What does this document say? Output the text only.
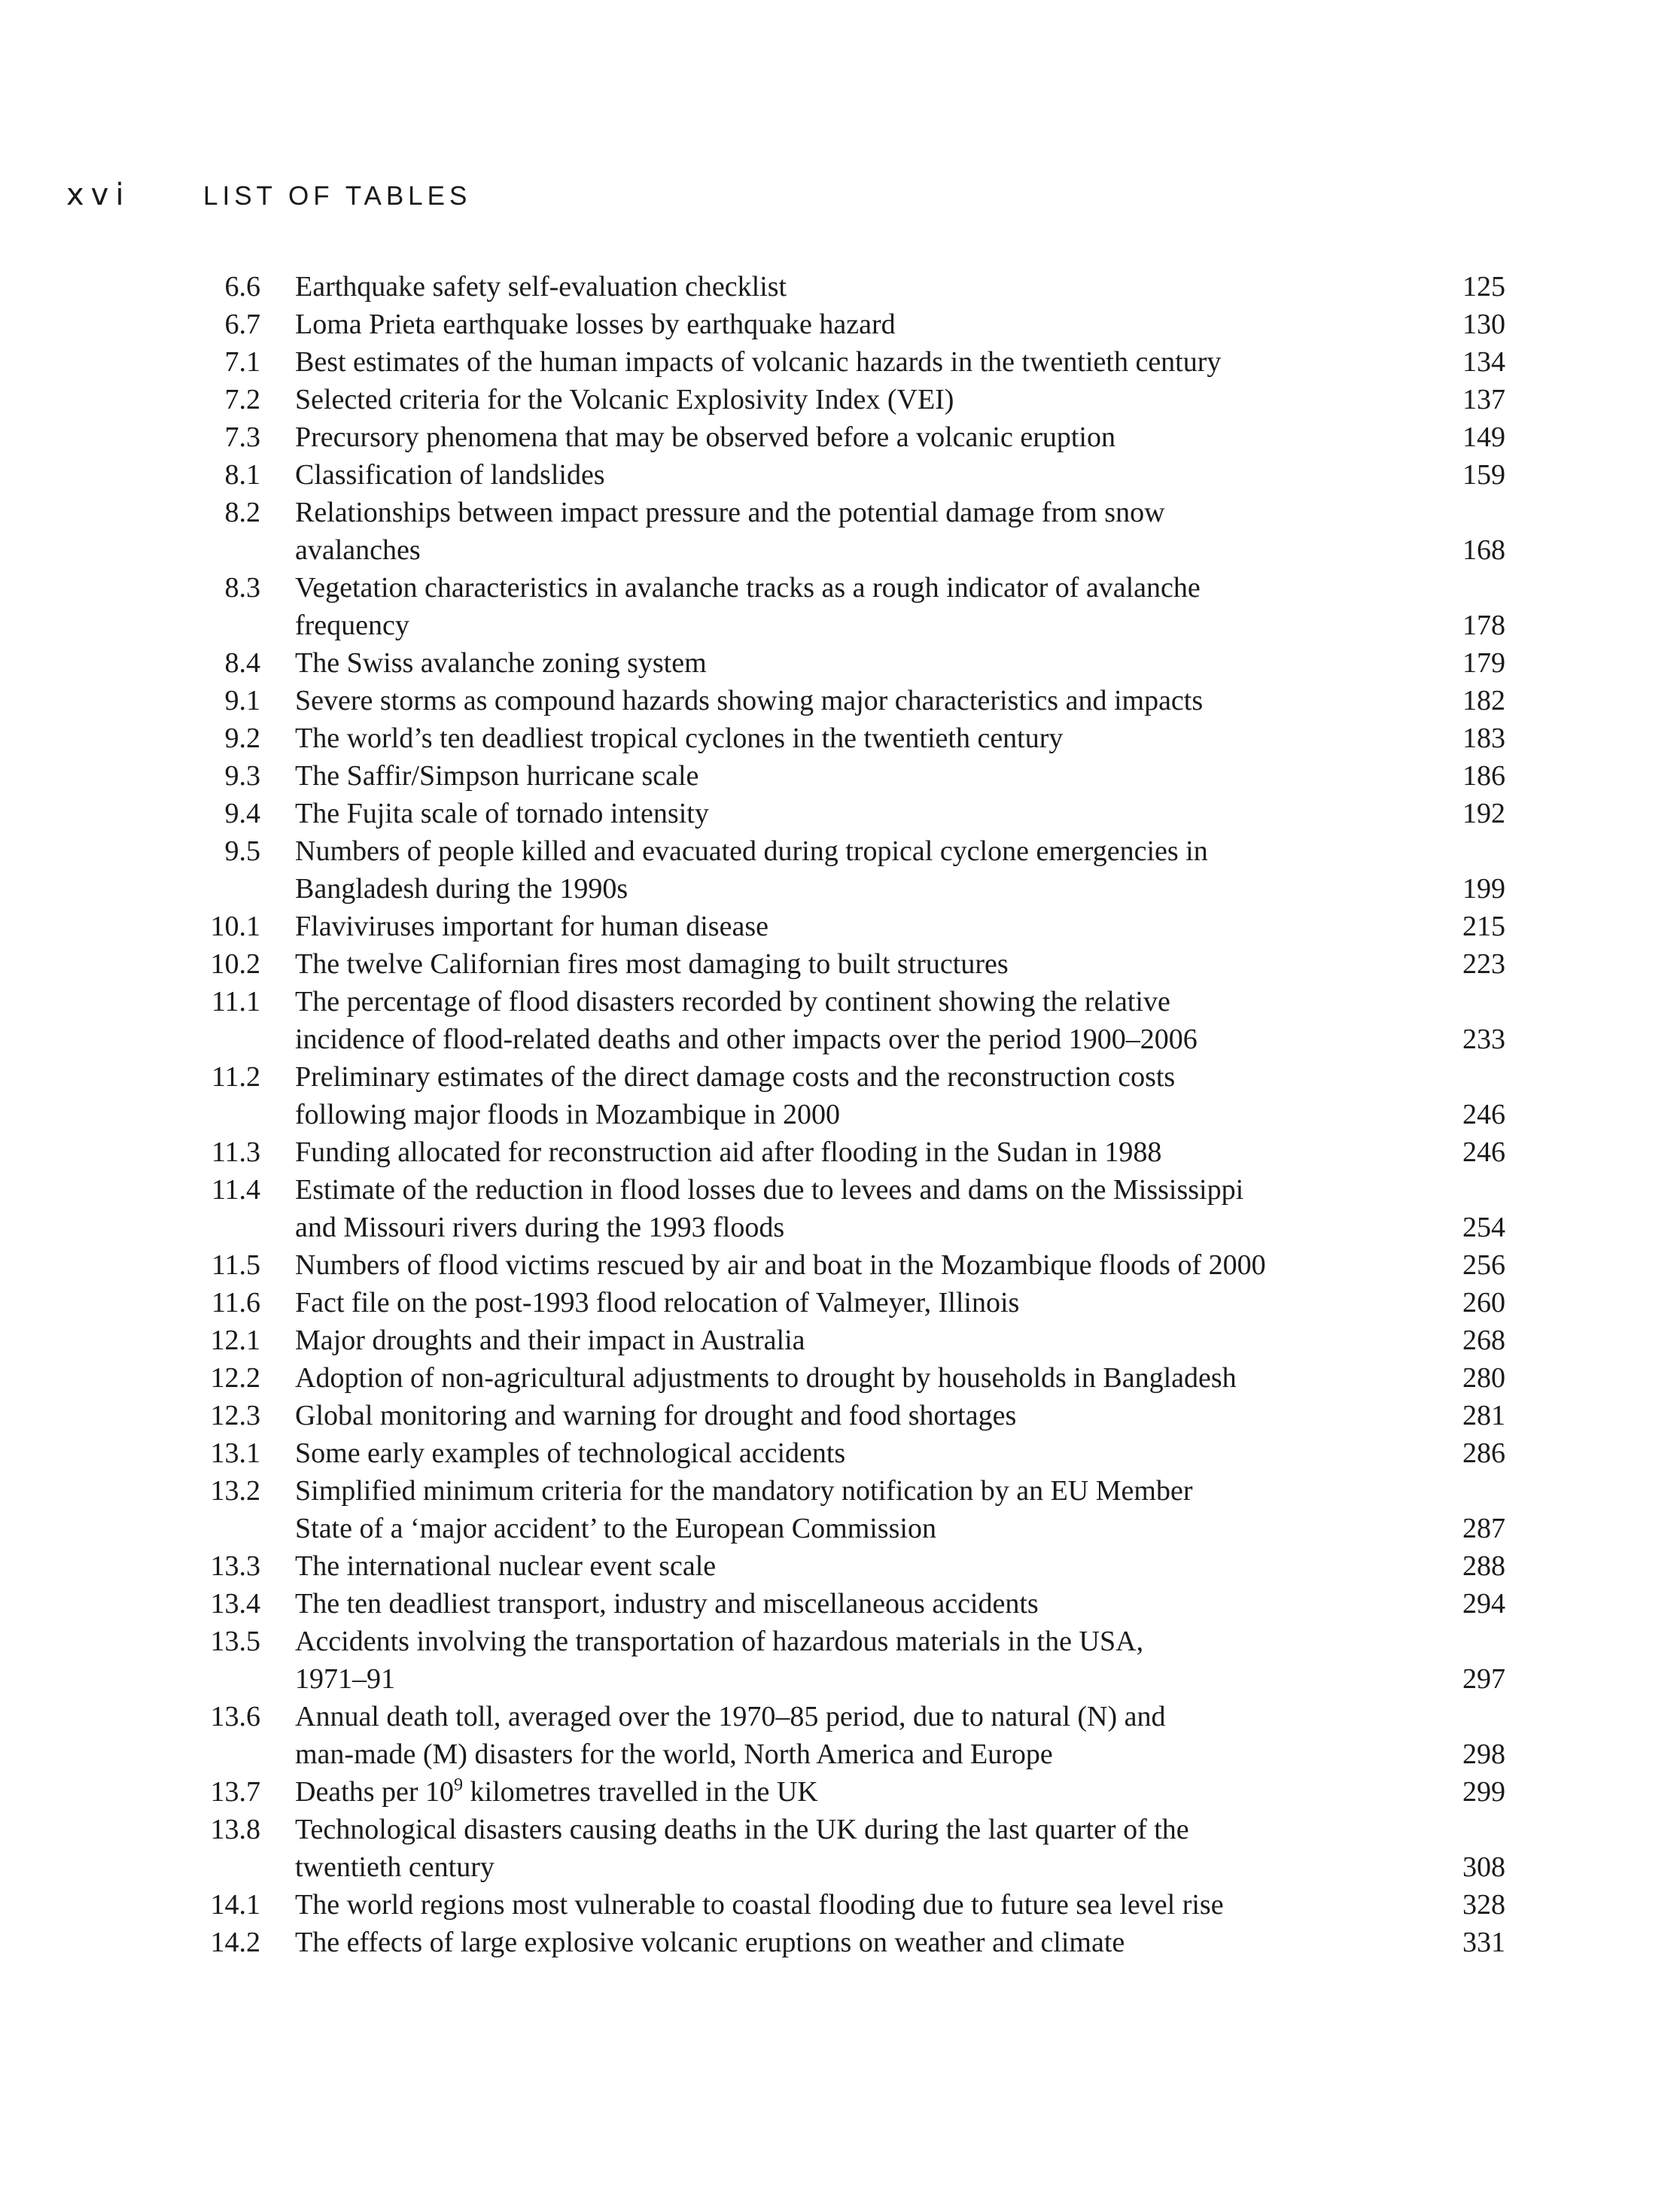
xvi	LIST OF TABLES
6.6 Earthquake safety self-evaluation checklist	125
6.7 Loma Prieta earthquake losses by earthquake hazard	130
7.1 Best estimates of the human impacts of volcanic hazards in the twentieth century	134
7.2 Selected criteria for the Volcanic Explosivity Index (VEI)	137
7.3 Precursory phenomena that may be observed before a volcanic eruption	149
8.1 Classification of landslides	159
8.2 Relationships between impact pressure and the potential damage from snow
avalanches	168
8.3 Vegetation characteristics in avalanche tracks as a rough indicator of avalanche
frequency	178
8.4 The Swiss avalanche zoning system	179
9.1 Severe storms as compound hazards showing major characteristics and impacts	182
9.2 The world’s ten deadliest tropical cyclones in the twentieth century	183
9.3 The Saffir/Simpson hurricane scale	186
9.4 The Fujita scale of tornado intensity	192
9.5 Numbers of people killed and evacuated during tropical cyclone emergencies in
Bangladesh during the 1990s	199
10.1 Flaviviruses important for human disease	215
10.2 The twelve Californian fires most damaging to built structures	223
11.1 The percentage of flood disasters recorded by continent showing the relative
incidence of flood-related deaths and other impacts over the period 1900–2006	233
11.2 Preliminary estimates of the direct damage costs and the reconstruction costs
following major floods in Mozambique in 2000	246
11.3 Funding allocated for reconstruction aid after flooding in the Sudan in 1988	246
11.4 Estimate of the reduction in flood losses due to levees and dams on the Mississippi
and Missouri rivers during the 1993 floods	254
11.5 Numbers of flood victims rescued by air and boat in the Mozambique floods of 2000	256
11.6 Fact file on the post-1993 flood relocation of Valmeyer, Illinois	260
12.1 Major droughts and their impact in Australia	268
12.2 Adoption of non-agricultural adjustments to drought by households in Bangladesh	280
12.3 Global monitoring and warning for drought and food shortages	281
13.1 Some early examples of technological accidents	286
13.2 Simplified minimum criteria for the mandatory notification by an EU Member
State of a ‘major accident’ to the European Commission	287
13.3 The international nuclear event scale	288
13.4 The ten deadliest transport, industry and miscellaneous accidents	294
13.5 Accidents involving the transportation of hazardous materials in the USA,
1971–91	297
13.6 Annual death toll, averaged over the 1970–85 period, due to natural (N) and
man-made (M) disasters for the world, North America and Europe	298
13.7 Deaths per $10^9$ kilometres travelled in the UK	299
13.8 Technological disasters causing deaths in the UK during the last quarter of the
twentieth century	308
14.1 The world regions most vulnerable to coastal flooding due to future sea level rise	328
14.2 The effects of large explosive volcanic eruptions on weather and climate	331
